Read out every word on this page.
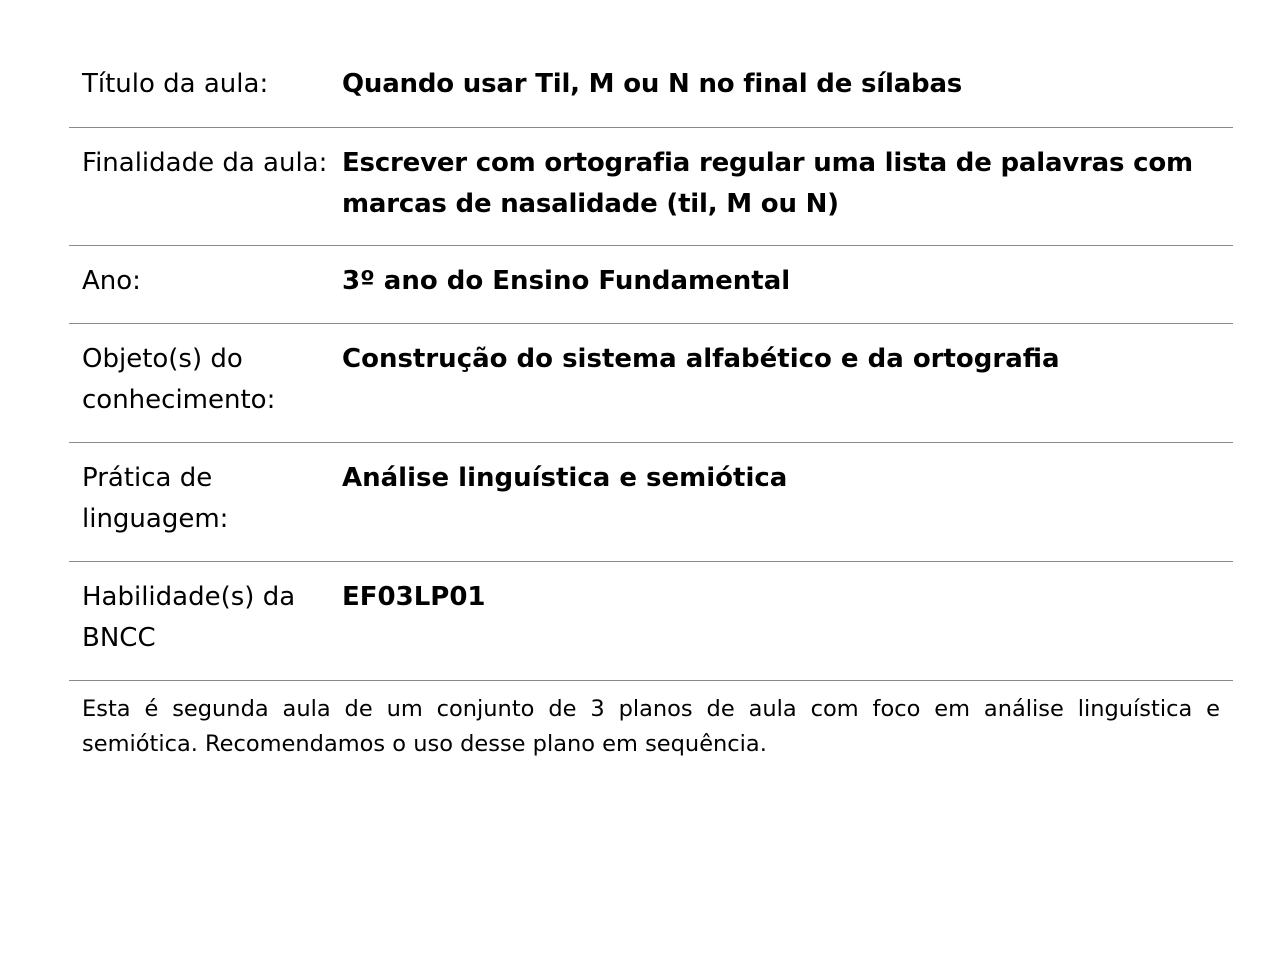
Título da aula:	Quando usar Til, M ou N no final de sílabas
Finalidade da aula:	Escrever com ortografia regular uma lista de palavras com marcas de nasalidade (til, M ou N)
Ano:	3º ano do Ensino Fundamental
Objeto(s) do conhecimento:	Construção do sistema alfabético e da ortografia
Prática de linguagem:	Análise linguística e semiótica
Habilidade(s) da BNCC	EF03LP01

Esta é segunda aula de um conjunto de 3 planos de aula com foco em análise linguística e semiótica. Recomendamos o uso desse plano em sequência.
